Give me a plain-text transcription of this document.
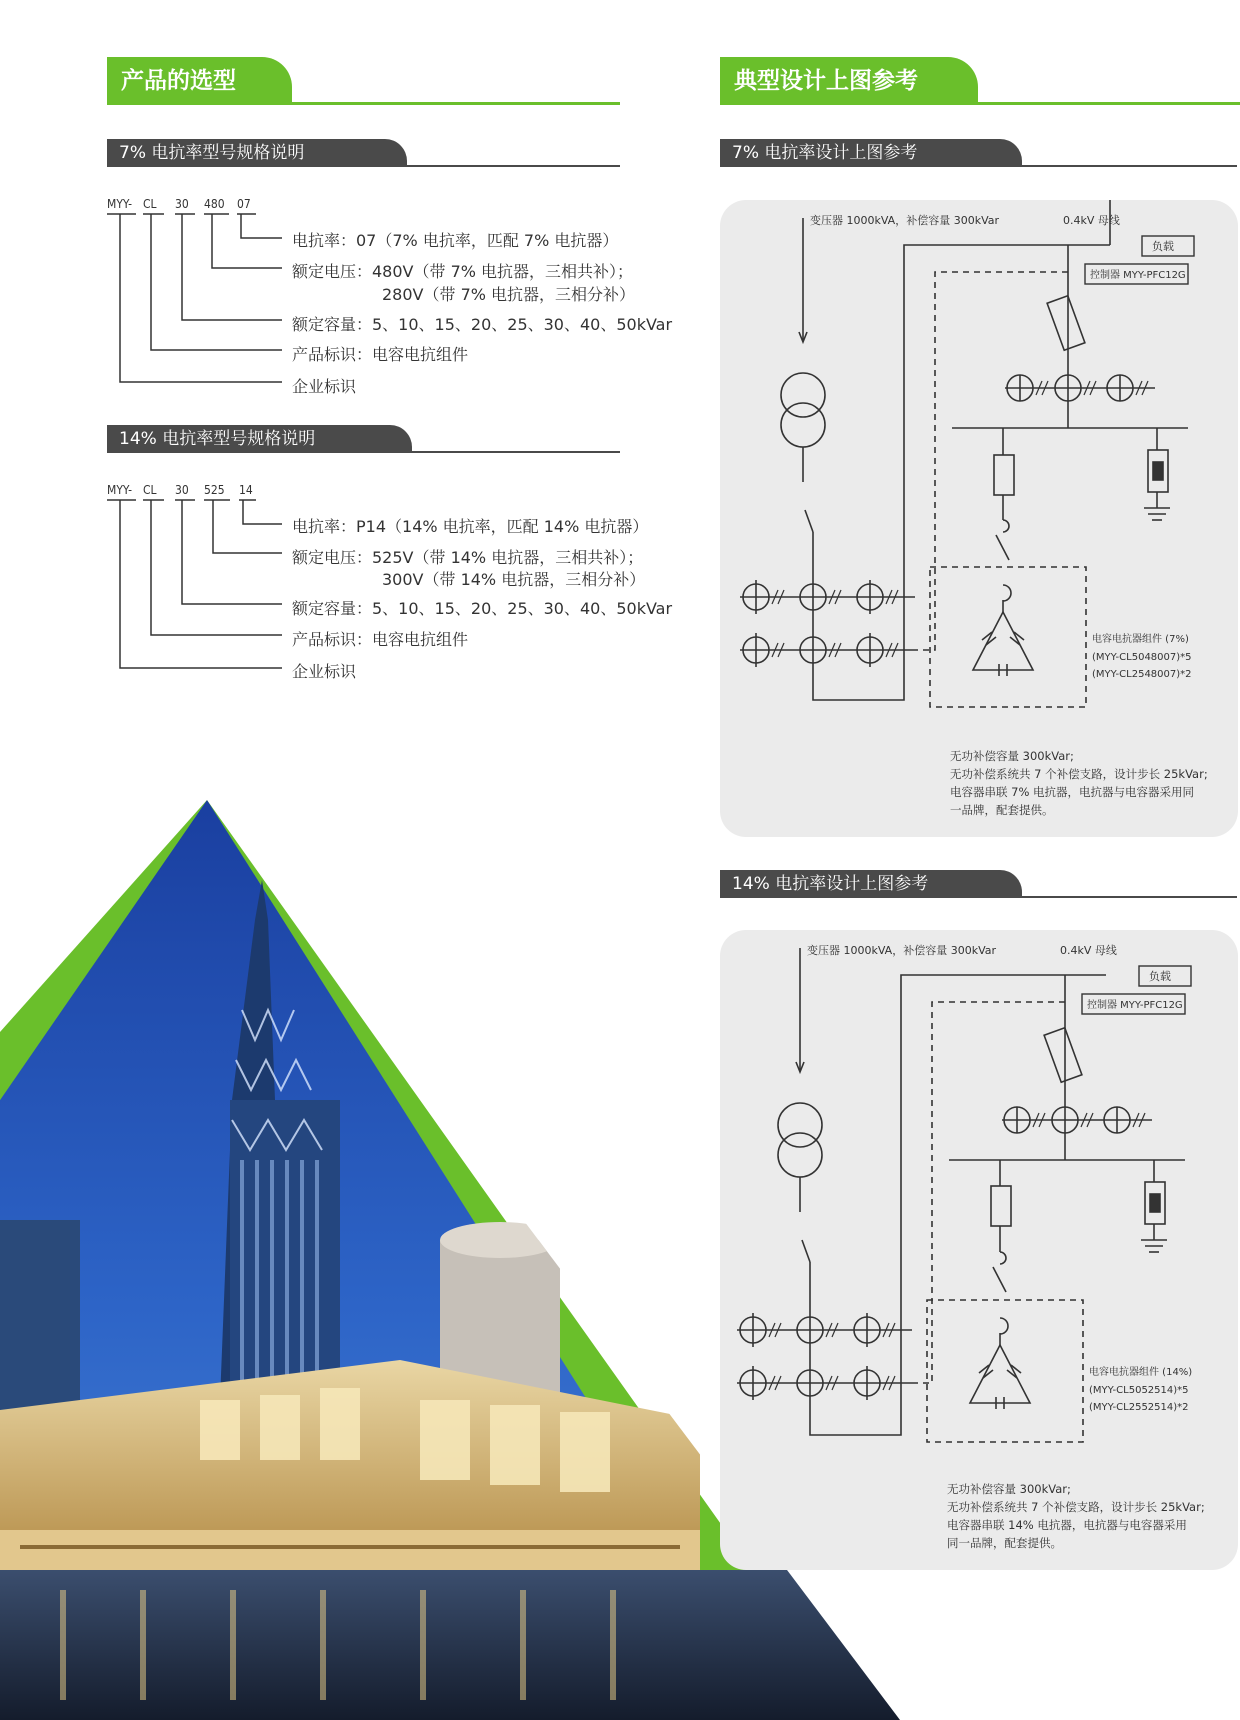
产品的选型
7% 电抗率型号规格说明
MYY- CL 30 480 07
电抗率：07（7% 电抗率，匹配 7% 电抗器）
额定电压：480V（带 7% 电抗器，三相共补）；
280V（带 7% 电抗器，三相分补）
额定容量：5、10、15、20、25、30、40、50kVar
产品标识：电容电抗组件
企业标识
14% 电抗率型号规格说明
MYY- CL 30 525 14
电抗率：P14（14% 电抗率，匹配 14% 电抗器）
额定电压：525V（带 14% 电抗器，三相共补）；
300V（带 14% 电抗器，三相分补）
额定容量：5、10、15、20、25、30、40、50kVar
产品标识：电容电抗组件
企业标识
典型设计上图参考
7% 电抗率设计上图参考
变压器 1000kVA，补偿容量 300kVar	0.4kV 母线
负载
控制器 MYY-PFC12G
电容电抗器组件 (7%)
(MYY-CL5048007)*5
(MYY-CL2548007)*2
无功补偿容量 300kVar;
无功补偿系统共 7 个补偿支路，设计步长 25kVar;
电容器串联 7% 电抗器，电抗器与电容器采用同
一品牌，配套提供。
14% 电抗率设计上图参考
变压器 1000kVA，补偿容量 300kVar	0.4kV 母线
负载
控制器 MYY-PFC12G
电容电抗器组件 (14%)
(MYY-CL5052514)*5
(MYY-CL2552514)*2
无功补偿容量 300kVar;
无功补偿系统共 7 个补偿支路，设计步长 25kVar;
电容器串联 14% 电抗器，电抗器与电容器采用
同一品牌，配套提供。
